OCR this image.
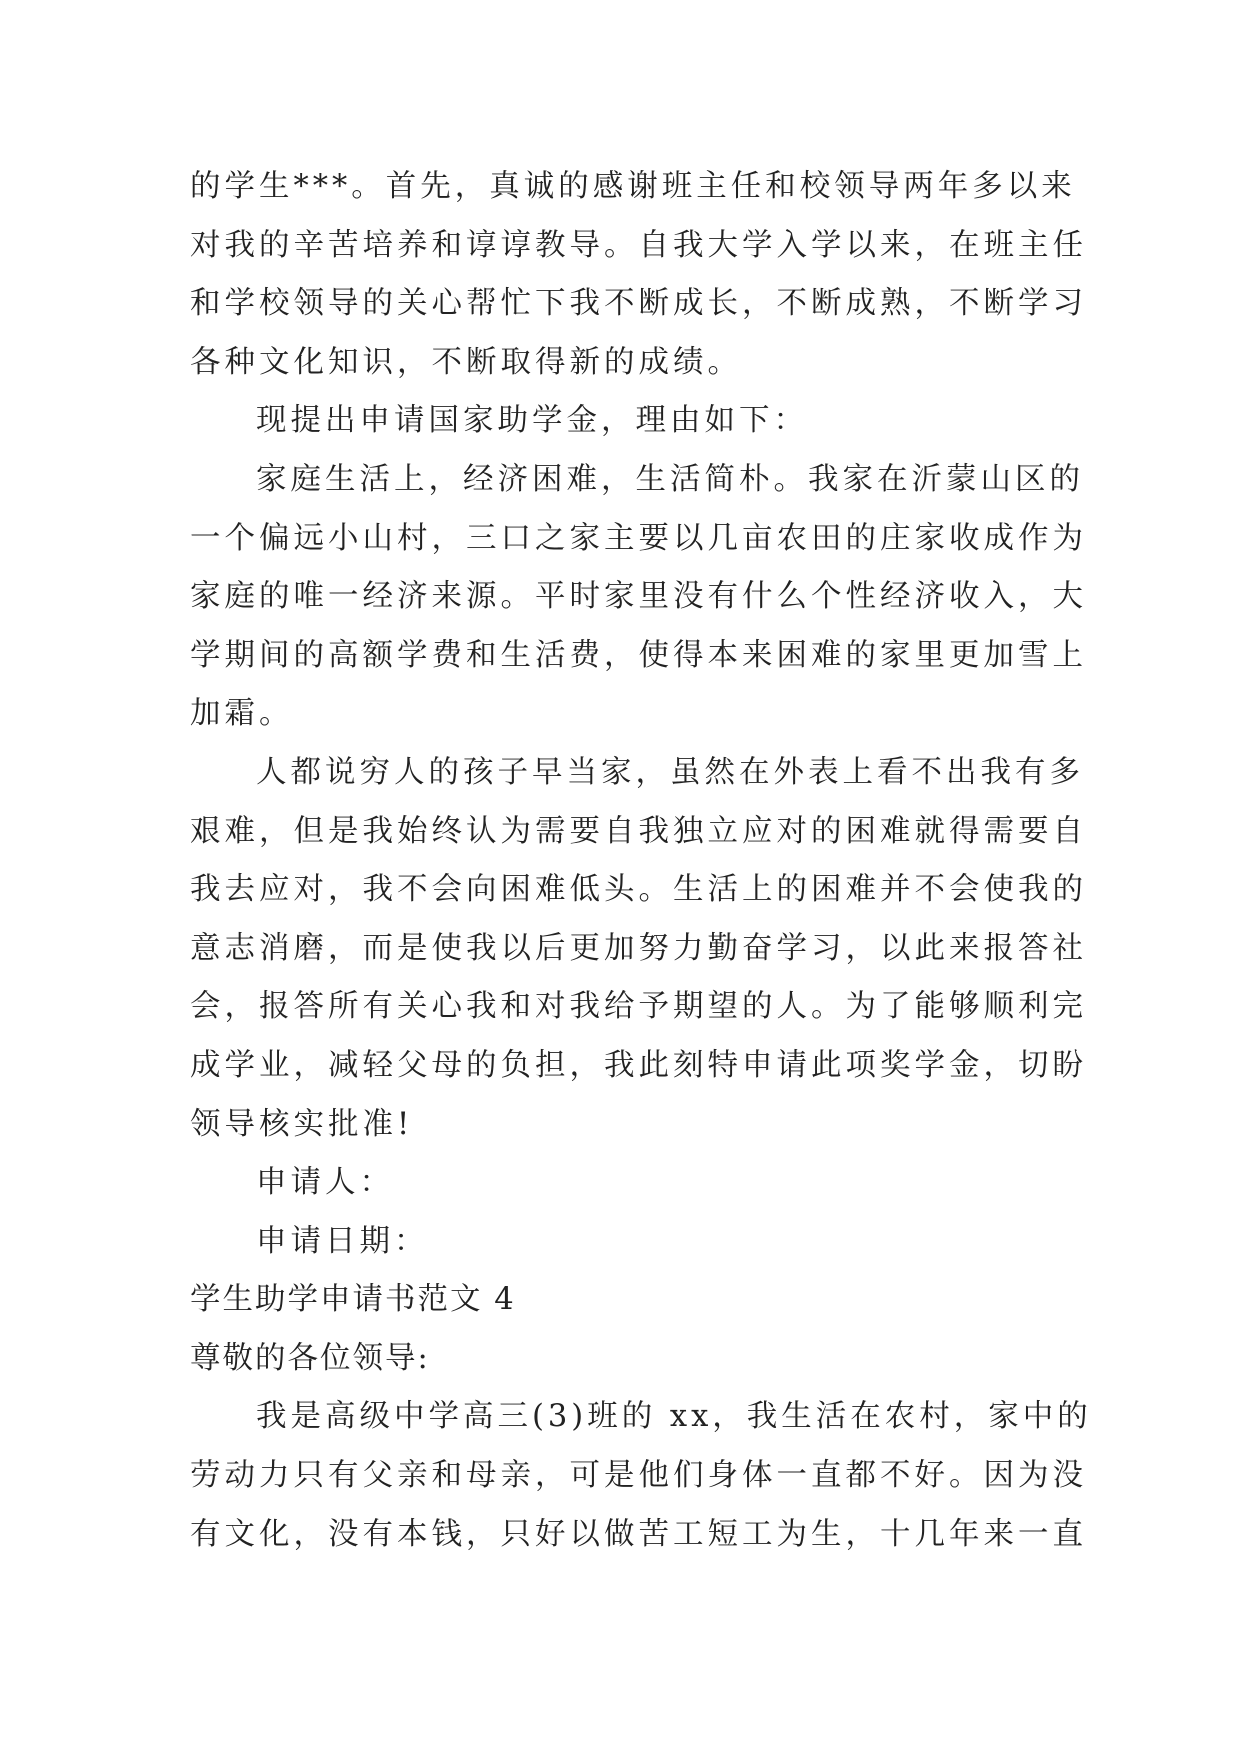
的学生***。首先，真诚的感谢班主任和校领导两年多以来
对我的辛苦培养和谆谆教导。自我大学入学以来，在班主任
和学校领导的关心帮忙下我不断成长，不断成熟，不断学习
各种文化知识，不断取得新的成绩。
现提出申请国家助学金，理由如下：
家庭生活上，经济困难，生活简朴。我家在沂蒙山区的
一个偏远小山村，三口之家主要以几亩农田的庄家收成作为
家庭的唯一经济来源。平时家里没有什么个性经济收入，大
学期间的高额学费和生活费，使得本来困难的家里更加雪上
加霜。
人都说穷人的孩子早当家，虽然在外表上看不出我有多
艰难，但是我始终认为需要自我独立应对的困难就得需要自
我去应对，我不会向困难低头。生活上的困难并不会使我的
意志消磨，而是使我以后更加努力勤奋学习，以此来报答社
会，报答所有关心我和对我给予期望的人。为了能够顺利完
成学业，减轻父母的负担，我此刻特申请此项奖学金，切盼
领导核实批准!
申请人：
申请日期：
学生助学申请书范文 4
尊敬的各位领导:
我是高级中学高三(3)班的 xx，我生活在农村，家中的
劳动力只有父亲和母亲，可是他们身体一直都不好。因为没
有文化，没有本钱，只好以做苦工短工为生，十几年来一直
